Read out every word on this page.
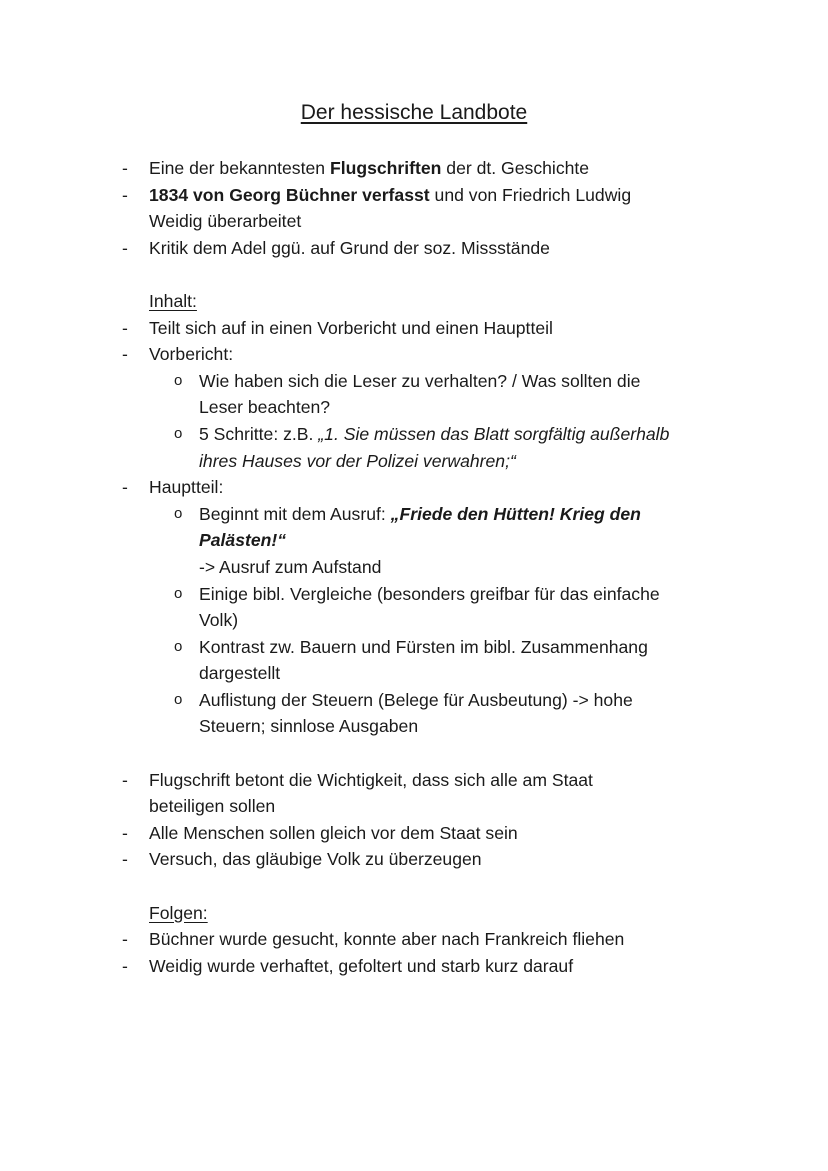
Der hessische Landbote
- Eine der bekanntesten Flugschriften der dt. Geschichte
- 1834 von Georg Büchner verfasst und von Friedrich Ludwig
Weidig überarbeitet
- Kritik dem Adel ggü. auf Grund der soz. Missstände
Inhalt:
- Teilt sich auf in einen Vorbericht und einen Hauptteil
- Vorbericht:
o Wie haben sich die Leser zu verhalten? / Was sollten die
Leser beachten?
o 5 Schritte: z.B. „1. Sie müssen das Blatt sorgfältig außerhalb
ihres Hauses vor der Polizei verwahren;“
- Hauptteil:
o Beginnt mit dem Ausruf: „Friede den Hütten! Krieg den
Palästen!“
-> Ausruf zum Aufstand
o Einige bibl. Vergleiche (besonders greifbar für das einfache
Volk)
o Kontrast zw. Bauern und Fürsten im bibl. Zusammenhang
dargestellt
o Auflistung der Steuern (Belege für Ausbeutung) -> hohe
Steuern; sinnlose Ausgaben
- Flugschrift betont die Wichtigkeit, dass sich alle am Staat
beteiligen sollen
- Alle Menschen sollen gleich vor dem Staat sein
- Versuch, das gläubige Volk zu überzeugen
Folgen:
- Büchner wurde gesucht, konnte aber nach Frankreich fliehen
- Weidig wurde verhaftet, gefoltert und starb kurz darauf
